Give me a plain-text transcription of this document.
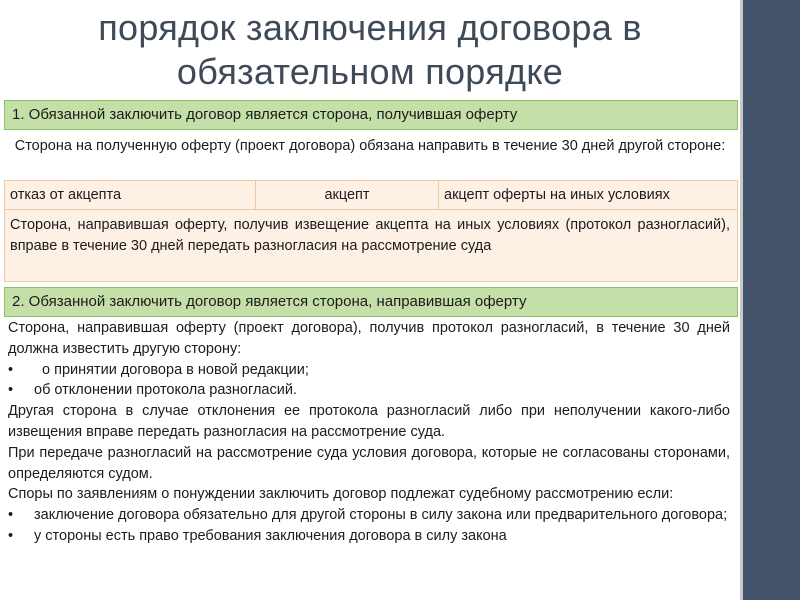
порядок заключения договора в
обязательном порядке
1. Обязанной заключить договор является сторона, получившая оферту
Сторона на полученную оферту (проект договора) обязана направить в течение 30 дней другой стороне:
отказ от акцепта	акцепт	акцепт оферты на иных условиях
Сторона, направившая оферту, получив извещение акцепта на иных условиях (протокол разногласий), вправе в течение 30 дней передать разногласия на рассмотрение суда
2. Обязанной заключить договор является сторона, направившая оферту

Сторона, направившая оферту (проект договора), получив протокол разногласий, в течение 30 дней должна известить другую сторону:

•	о принятии договора в новой редакции;

•	об отклонении протокола разногласий.

Другая сторона в случае отклонения ее протокола разногласий либо при неполучении какого-либо извещения вправе передать разногласия на рассмотрение суда.

При передаче разногласий на рассмотрение суда условия договора, которые не согласованы сторонами, определяются судом.

Споры по заявлениям о понуждении заключить договор подлежат судебному рассмотрению если:

•	заключение договора обязательно для другой стороны в силу закона или предварительного договора;

•	у стороны есть право требования заключения договора в силу закона
